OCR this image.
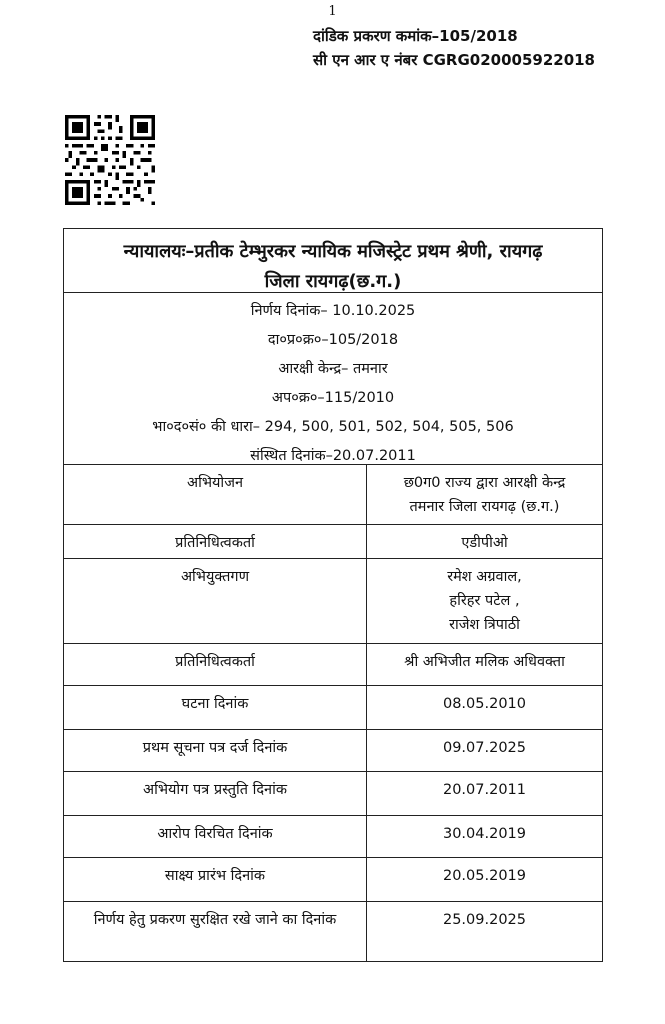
1
दांडिक प्रकरण कमांक–105/2018
सी एन आर ए नंबर CGRG020005922018
न्यायालयः–प्रतीक टेम्भुरकर न्यायिक मजिस्ट्रेट प्रथम श्रेणी, रायगढ़
जिला रायगढ़(छ.ग.)
निर्णय दिनांक– 10.10.2025
दा०प्र०क्र०–105/2018
आरक्षी केन्द्र– तमनार
अप०क्र०–115/2010
भा०द०सं० की धारा– 294, 500, 501, 502, 504, 505, 506
संस्थित दिनांक–20.07.2011
अभियोजन	छ0ग0 राज्य द्वारा आरक्षी केन्द्र
तमनार जिला रायगढ़ (छ.ग.)
प्रतिनिधित्वकर्ता	एडीपीओ
अभियुक्तगण	रमेश अग्रवाल,
हरिहर पटेल ,
राजेश त्रिपाठी
प्रतिनिधित्वकर्ता	श्री अभिजीत मलिक अधिवक्ता
घटना दिनांक	08.05.2010
प्रथम सूचना पत्र दर्ज दिनांक	09.07.2025
अभियोग पत्र प्रस्तुति दिनांक	20.07.2011
आरोप विरचित दिनांक	30.04.2019
साक्ष्य प्रारंभ दिनांक	20.05.2019
निर्णय हेतु प्रकरण सुरक्षित रखे जाने का दिनांक	25.09.2025
